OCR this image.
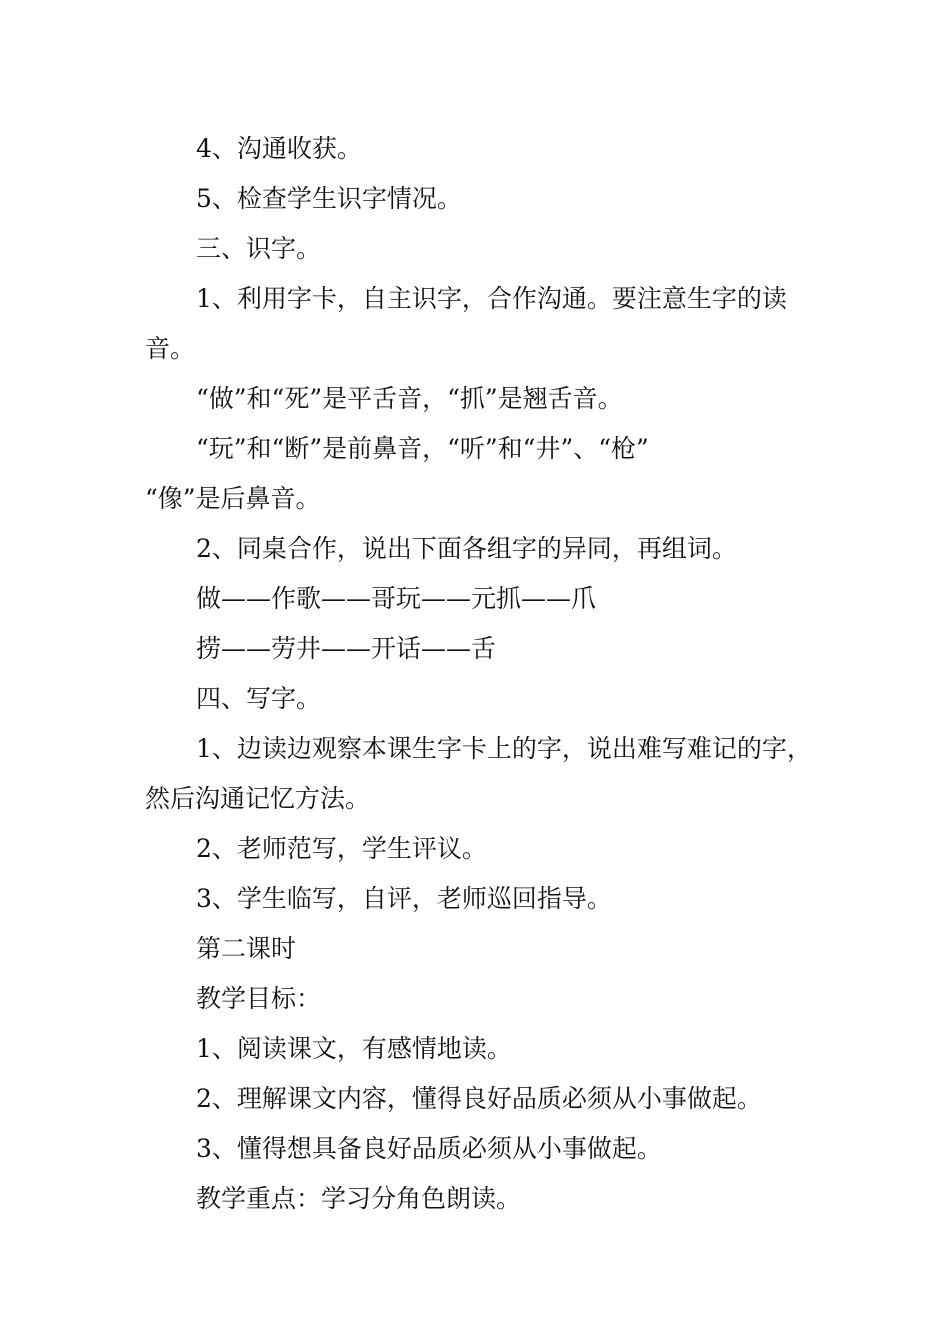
4、沟通收获。
5、检查学生识字情况。
三、识字。
1、利用字卡，自主识字，合作沟通。要注意生字的读
音。
“做”和“死”是平舌音，“抓”是翘舌音。
“玩”和“断”是前鼻音，“听”和“井”、“枪”
“像”是后鼻音。
2、同桌合作，说出下面各组字的异同，再组词。
做——作歌——哥玩——元抓——爪
捞——劳井——开话——舌
四、写字。
1、边读边观察本课生字卡上的字，说出难写难记的字，
然后沟通记忆方法。
2、老师范写，学生评议。
3、学生临写，自评，老师巡回指导。
第二课时
教学目标：
1、阅读课文，有感情地读。
2、理解课文内容，懂得良好品质必须从小事做起。
3、懂得想具备良好品质必须从小事做起。
教学重点：学习分角色朗读。
